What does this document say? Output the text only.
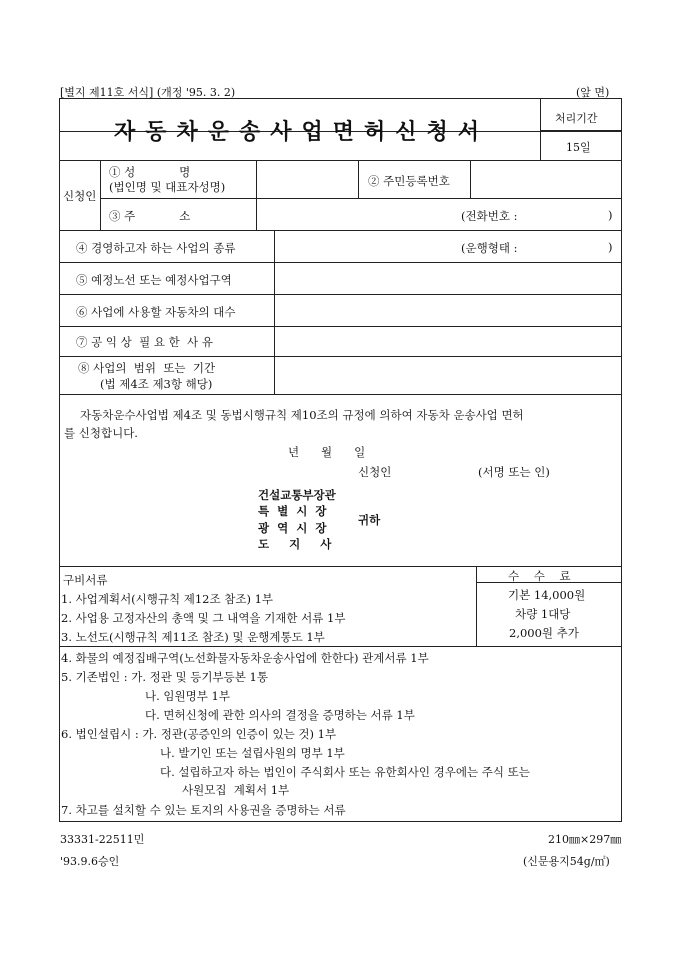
[별지 제11호 서식] (개정 '95. 3. 2)	(앞 면)
자동차운송사업면허신청서
처리기간
15일
신청인
① 성            명
(법인명 및 대표자성명)	② 주민등록번호
③ 주            소	(전화번호 :	)
④ 경영하고자 하는 사업의 종류	(운행형태 :	)
⑤ 예정노선 또는 예정사업구역
⑥ 사업에 사용할 자동차의 대수
⑦ 공 익 상  필 요 한  사 유
⑧ 사업의  범위  또는  기간
(법 제4조 제3항 해당)
자동차운수사업법 제4조 및 동법시행규칙 제10조의 규정에 의하여 자동차 운송사업 면허
를 신청합니다.
년      월      일
신청인	(서명 또는 인)
건설교통부장관
특  별  시  장
광  역  시  장
도     지     사
귀하
구비서류
1. 사업계획서(시행규칙 제12조 참조) 1부
2. 사업용 고정자산의 총액 및 그 내역을 기재한 서류 1부
3. 노선도(시행규칙 제11조 참조) 및 운행계통도 1부
4. 화물의 예정집배구역(노선화물자동차운송사업에 한한다) 관계서류 1부
5. 기존법인 : 가. 정관 및 등기부등본 1통
나. 임원명부 1부
다. 면허신청에 관한 의사의 결정을 증명하는 서류 1부
6. 법인설립시 : 가. 정관(공증인의 인증이 있는 것) 1부
나. 발기인 또는 설립사원의 명부 1부
다. 설립하고자 하는 법인이 주식회사 또는 유한회사인 경우에는 주식 또는
사원모집  계획서 1부
7. 차고를 설치할 수 있는 토지의 사용권을 증명하는 서류
수    수    료
기본 14,000원
차량 1대당
2,000원 추가
33331-22511민
'93.9.6승인
210㎜×297㎜
(신문용지54g/㎡)
